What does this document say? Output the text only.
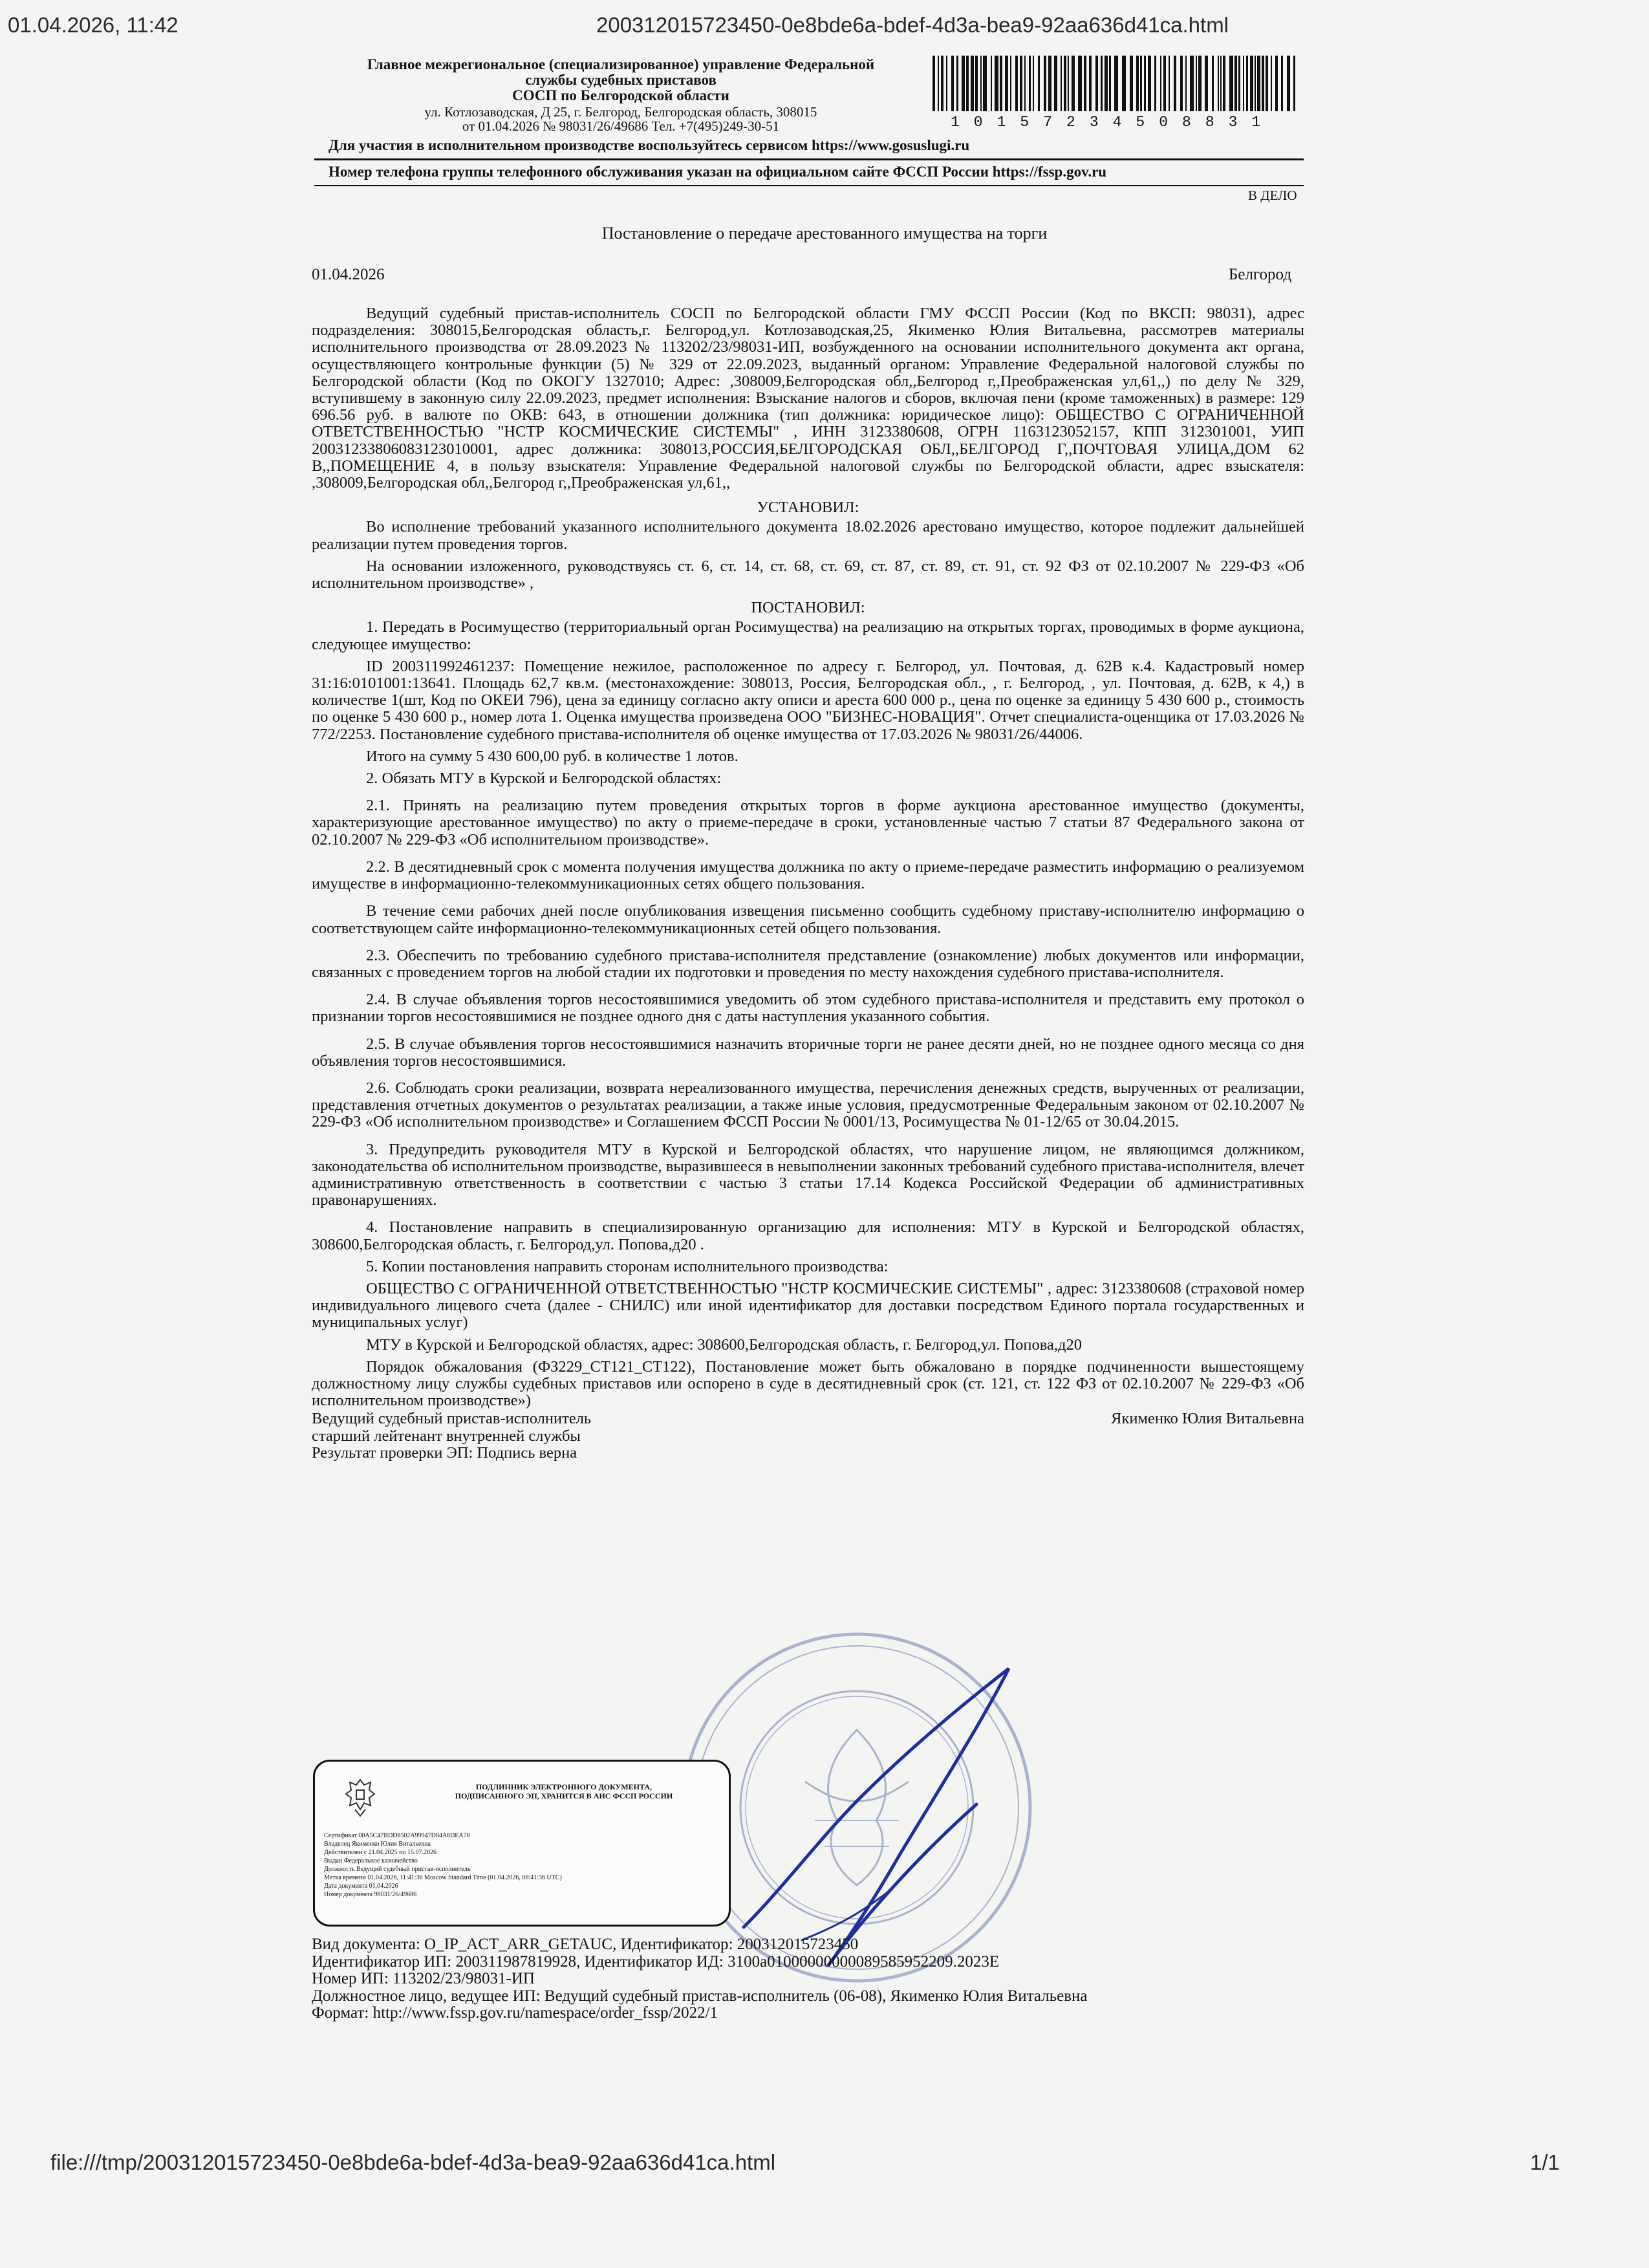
01.04.2026, 11:42	200312015723450-0e8bde6a-bdef-4d3a-bea9-92aa636d41ca.html
Главное межрегиональное (специализированное) управление Федеральной
службы судебных приставов
СОСП по Белгородской области
ул. Котлозаводская, Д 25, г. Белгород, Белгородская область, 308015
от 01.04.2026 № 98031/26/49686 Тел. +7(495)249-30-51	10157234508831
Для участия в исполнительном производстве воспользуйтесь сервисом https://www.gosuslugi.ru
Номер телефона группы телефонного обслуживания указан на официальном сайте ФССП России https://fssp.gov.ru
В ДЕЛО
Постановление о передаче арестованного имущества на торги
01.04.2026	Белгород

Ведущий судебный пристав-исполнитель СОСП по Белгородской области ГМУ ФССП России (Код по ВКСП: 98031), адрес подразделения: 308015,Белгородская область,г. Белгород,ул. Котлозаводская,25, Якименко Юлия Витальевна, рассмотрев материалы исполнительного производства от 28.09.2023 № 113202/23/98031-ИП, возбужденного на основании исполнительного документа акт органа, осуществляющего контрольные функции (5) № 329 от 22.09.2023, выданный органом: Управление Федеральной налоговой службы по Белгородской области (Код по ОКОГУ 1327010; Адрес: ,308009,Белгородская обл,,Белгород г,,Преображенская ул,61,,) по делу № 329, вступившему в законную силу 22.09.2023, предмет исполнения: Взыскание налогов и сборов, включая пени (кроме таможенных) в размере: 129 696.56 руб. в валюте по ОКВ: 643, в отношении должника (тип должника: юридическое лицо): ОБЩЕСТВО С ОГРАНИЧЕННОЙ ОТВЕТСТВЕННОСТЬЮ "НСТР КОСМИЧЕСКИЕ СИСТЕМЫ" , ИНН 3123380608, ОГРН 1163123052157, КПП 312301001, УИП 20031233806083123010001, адрес должника: 308013,РОССИЯ,БЕЛГОРОДСКАЯ ОБЛ,,БЕЛГОРОД Г,,ПОЧТОВАЯ УЛИЦА,ДОМ 62 В,,ПОМЕЩЕНИЕ 4, в пользу взыскателя: Управление Федеральной налоговой службы по Белгородской области, адрес взыскателя: ,308009,Белгородская обл,,Белгород г,,Преображенская ул,61,,

УСТАНОВИЛ:

Во исполнение требований указанного исполнительного документа 18.02.2026 арестовано имущество, которое подлежит дальнейшей реализации путем проведения торгов.

На основании изложенного, руководствуясь ст. 6, ст. 14, ст. 68, ст. 69, ст. 87, ст. 89, ст. 91, ст. 92 ФЗ от 02.10.2007 № 229-ФЗ «Об исполнительном производстве» ,

ПОСТАНОВИЛ:

1. Передать в Росимущество (территориальный орган Росимущества) на реализацию на открытых торгах, проводимых в форме аукциона, следующее имущество:

ID 200311992461237: Помещение нежилое, расположенное по адресу г. Белгород, ул. Почтовая, д. 62В к.4. Кадастровый номер 31:16:0101001:13641. Площадь 62,7 кв.м. (местонахождение: 308013, Россия, Белгородская обл., , г. Белгород, , ул. Почтовая, д. 62В, к 4,) в количестве 1(шт, Код по ОКЕИ 796), цена за единицу согласно акту описи и ареста 600 000 р., цена по оценке за единицу 5 430 600 р., стоимость по оценке 5 430 600 р., номер лота 1. Оценка имущества произведена ООО "БИЗНЕС-НОВАЦИЯ". Отчет специалиста-оценщика от 17.03.2026 № 772/2253. Постановление судебного пристава-исполнителя об оценке имущества от 17.03.2026 № 98031/26/44006.

Итого на сумму 5 430 600,00 руб. в количестве 1 лотов.

2. Обязать МТУ в Курской и Белгородской областях:

2.1. Принять на реализацию путем проведения открытых торгов в форме аукциона арестованное имущество (документы, характеризующие арестованное имущество) по акту о приеме-передаче в сроки, установленные частью 7 статьи 87 Федерального закона от 02.10.2007 № 229-ФЗ «Об исполнительном производстве».

2.2. В десятидневный срок с момента получения имущества должника по акту о приеме-передаче разместить информацию о реализуемом имуществе в информационно-телекоммуникационных сетях общего пользования.

В течение семи рабочих дней после опубликования извещения письменно сообщить судебному приставу-исполнителю информацию о соответствующем сайте информационно-телекоммуникационных сетей общего пользования.

2.3. Обеспечить по требованию судебного пристава-исполнителя представление (ознакомление) любых документов или информации, связанных с проведением торгов на любой стадии их подготовки и проведения по месту нахождения судебного пристава-исполнителя.

2.4. В случае объявления торгов несостоявшимися уведомить об этом судебного пристава-исполнителя и представить ему протокол о признании торгов несостоявшимися не позднее одного дня с даты наступления указанного события.

2.5. В случае объявления торгов несостоявшимися назначить вторичные торги не ранее десяти дней, но не позднее одного месяца со дня объявления торгов несостоявшимися.

2.6. Соблюдать сроки реализации, возврата нереализованного имущества, перечисления денежных средств, вырученных от реализации, представления отчетных документов о результатах реализации, а также иные условия, предусмотренные Федеральным законом от 02.10.2007 № 229-ФЗ «Об исполнительном производстве» и Соглашением ФССП России № 0001/13, Росимущества № 01-12/65 от 30.04.2015.

3. Предупредить руководителя МТУ в Курской и Белгородской областях, что нарушение лицом, не являющимся должником, законодательства об исполнительном производстве, выразившееся в невыполнении законных требований судебного пристава-исполнителя, влечет административную ответственность в соответствии с частью 3 статьи 17.14 Кодекса Российской Федерации об административных правонарушениях.

4. Постановление направить в специализированную организацию для исполнения: МТУ в Курской и Белгородской областях, 308600,Белгородская область, г. Белгород,ул. Попова,д20 .

5. Копии постановления направить сторонам исполнительного производства:

ОБЩЕСТВО С ОГРАНИЧЕННОЙ ОТВЕТСТВЕННОСТЬЮ "НСТР КОСМИЧЕСКИЕ СИСТЕМЫ" , адрес: 3123380608 (страховой номер индивидуального лицевого счета (далее - СНИЛС) или иной идентификатор для доставки посредством Единого портала государственных и муниципальных услуг)

МТУ в Курской и Белгородской областях, адрес: 308600,Белгородская область, г. Белгород,ул. Попова,д20

Порядок обжалования (ФЗ229_СТ121_СТ122), Постановление может быть обжаловано в порядке подчиненности вышестоящему должностному лицу службы судебных приставов или оспорено в суде в десятидневный срок (ст. 121, ст. 122 ФЗ от 02.10.2007 № 229-ФЗ «Об исполнительном производстве»)

Ведущий судебный пристав-исполнитель
старший лейтенант внутренней службы
Результат проверки ЭП: Подпись верна
Якименко Юлия Витальевна
ПОДЛИННИК ЭЛЕКТРОННОГО ДОКУМЕНТА,
ПОДПИСАННОГО ЭП, ХРАНИТСЯ В АИС ФССП РОССИИ
Сертификат 00A5C47BDD8502A99947D84A6DEA78
Владелец Якименко Юлия Витальевна
Действителен с 21.04.2025 по 15.07.2026
Выдан Федеральное казначейство
Должность Ведущий судебный пристав-исполнитель
Метка времени 01.04.2026, 11:41:36 Moscow Standard Time (01.04.2026, 08:41:36 UTC)
Дата документа 01.04.2026
Номер документа 98031/26/49686
Вид документа: O_IP_ACT_ARR_GETAUC, Идентификатор: 200312015723450
Идентификатор ИП: 200311987819928, Идентификатор ИД: 3100a01000000000089585952209.2023E
Номер ИП: 113202/23/98031-ИП
Должностное лицо, ведущее ИП: Ведущий судебный пристав-исполнитель (06-08), Якименко Юлия Витальевна
Формат: http://www.fssp.gov.ru/namespace/order_fssp/2022/1
file:///tmp/200312015723450-0e8bde6a-bdef-4d3a-bea9-92aa636d41ca.html	1/1
